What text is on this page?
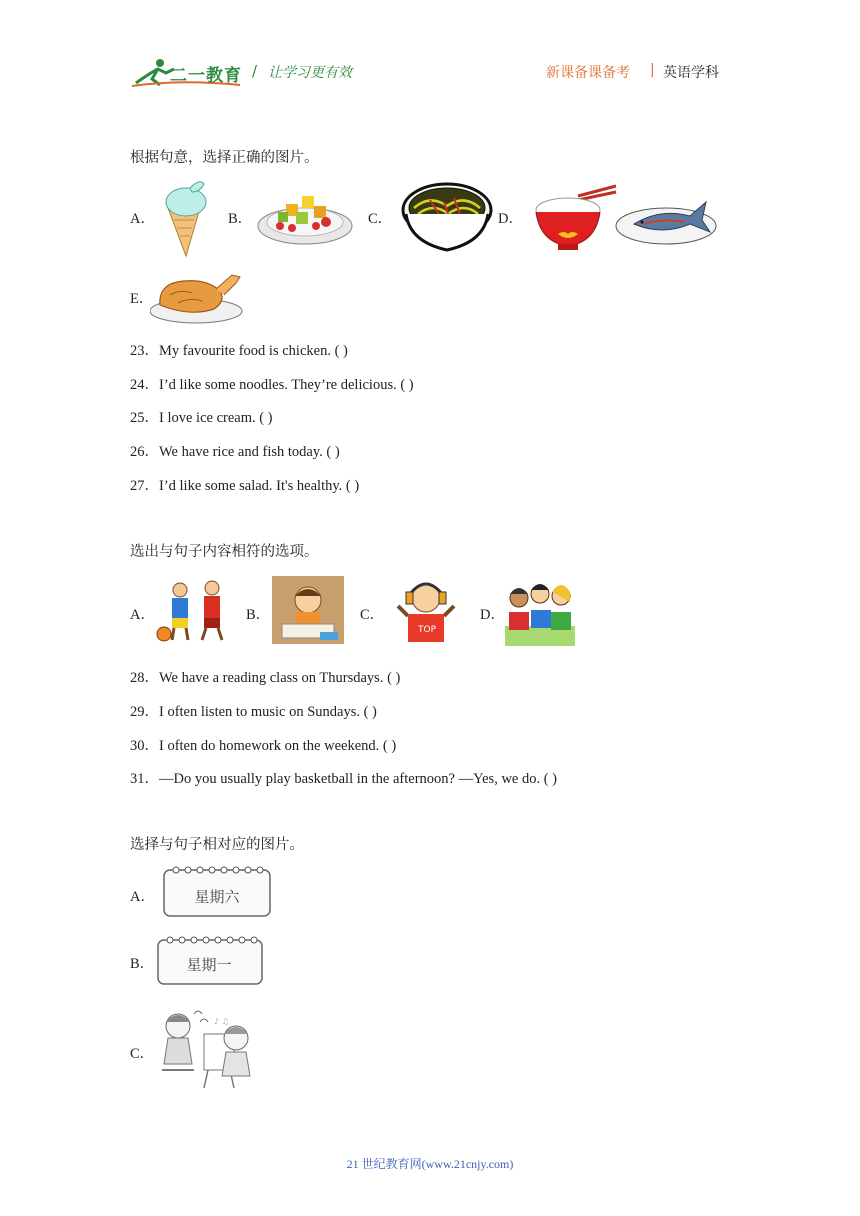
二一教育 / 让学习更有效	新课备课备考 | 英语学科
根据句意，选择正确的图片。
A．	B．	C．	D．
E．
23．My favourite food is chicken. ( )
24．I’d like some noodles. They’re delicious. ( )
25．I love ice cream. ( )
26．We have rice and fish today. ( )
27．I’d like some salad. It's healthy. ( )
选出与句子内容相符的选项。
A．	B．	C．
TOP
D．
28．We have a reading class on Thursdays. ( )
29．I often listen to music on Sundays. ( )
30．I often do homework on the weekend. ( )
31．—Do you usually play basketball in the afternoon? —Yes, we do. ( )
选择与句子相对应的图片。
A．	星期六
B．	星期一
C．
♪ ♫
21 世纪教育网(www.21cnjy.com)
